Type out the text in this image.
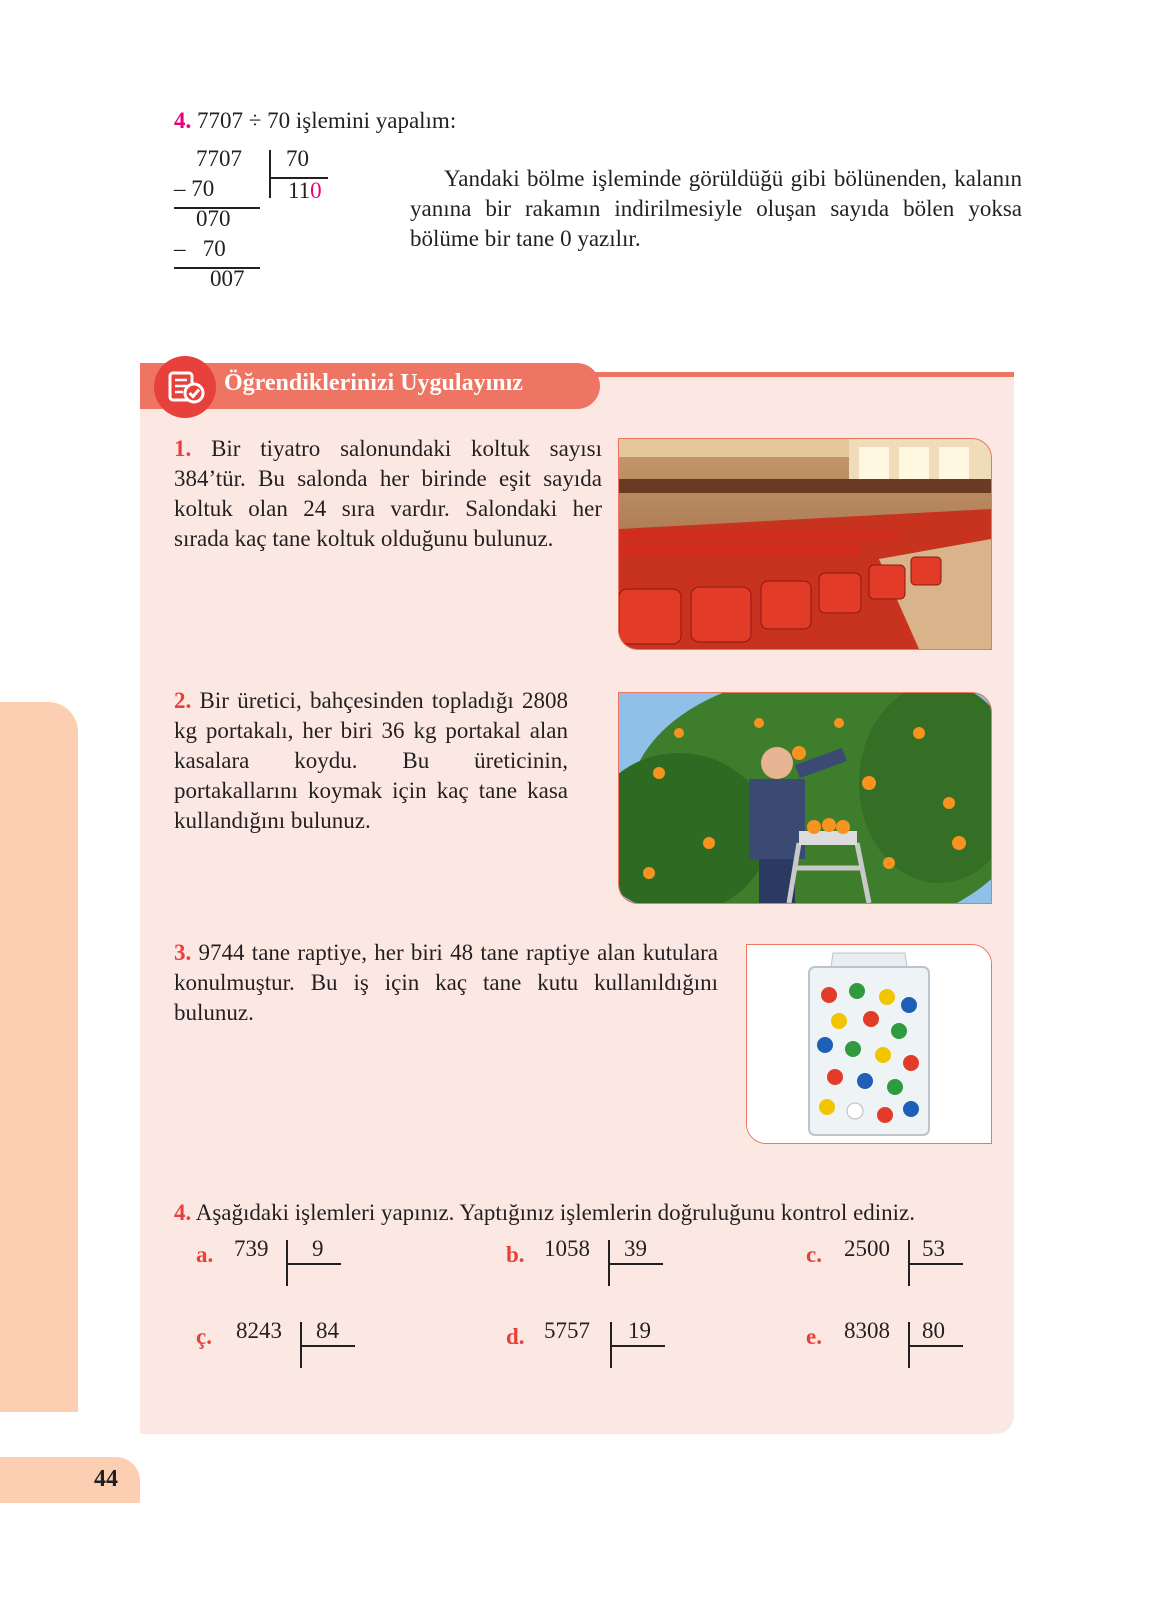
4. 7707 ÷ 70 işlemini yapalım:
7707 70
– 70	110
070
–   70
007
Yandaki bölme işleminde görüldüğü gibi bölünenden, kalanın yanına bir rakamın indirilmesiyle oluşan sayıda bölen yoksa bölüme bir tane 0 yazılır.
44
Öğrendiklerinizi Uygulayınız
1. Bir tiyatro salonundaki koltuk sayısı 384’tür. Bu salonda her birinde eşit sayıda koltuk olan 24 sıra vardır. Salondaki her sırada kaç tane koltuk olduğunu bulunuz.
2. Bir üretici, bahçesinden topladığı 2808 kg portakalı, her biri 36 kg portakal alan kasalara koydu. Bu üreticinin, portakallarını koymak için kaç tane kasa kullandığını bulunuz.
3. 9744 tane raptiye, her biri 48 tane raptiye alan kutulara konulmuştur. Bu iş için kaç tane kutu kullanıldığını bulunuz.
4. Aşağıdaki işlemleri yapınız. Yaptığınız işlemlerin doğruluğunu kontrol ediniz.
a. 739 9	b. 1058 39	c. 2500 53
ç. 8243 84	d. 5757 19	e. 8308 80
